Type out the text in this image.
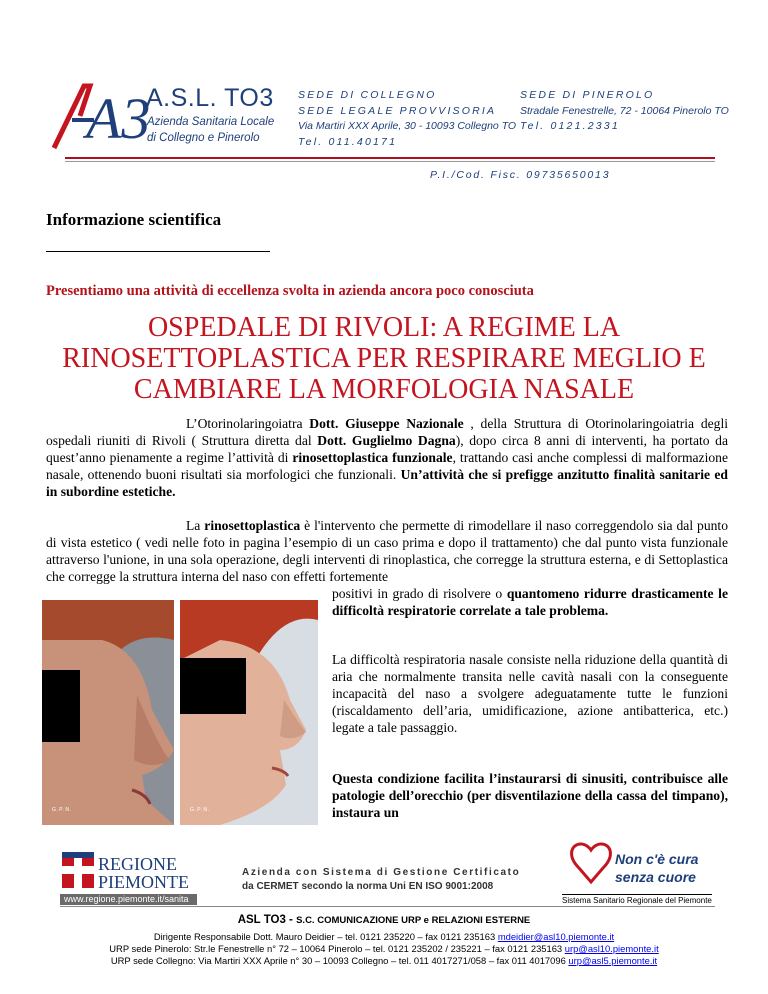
A3
A.S.L. TO3
Azienda Sanitaria Locale
di Collegno e Pinerolo
SEDE DI COLLEGNO
SEDE LEGALE PROVVISORIA
Via Martiri XXX Aprile, 30 - 10093 Collegno TO
Tel. 011.40171
SEDE DI PINEROLO
Stradale Fenestrelle, 72 - 10064 Pinerolo TO
Tel. 0121.2331
P.I./Cod. Fisc. 09735650013
Informazione scientifica
Presentiamo una attività di eccellenza svolta in azienda ancora poco conosciuta
OSPEDALE DI RIVOLI: A REGIME LA RINOSETTOPLASTICA PER RESPIRARE MEGLIO E CAMBIARE LA MORFOLOGIA NASALE
L’Otorinolaringoiatra Dott. Giuseppe Nazionale , della Struttura di Otorinolaringoiatria degli ospedali riuniti di Rivoli ( Struttura diretta dal Dott. Guglielmo Dagna), dopo circa 8 anni di interventi, ha portato da quest’anno pienamente a regime l’attività di rinosettoplastica funzionale, trattando casi anche complessi di malformazione nasale, ottenendo buoni risultati sia morfologici che funzionali. Un’attività che si prefigge anzitutto finalità sanitarie ed in subordine estetiche.
La rinosettoplastica è l'intervento che permette di rimodellare il naso correggendolo sia dal punto di vista estetico ( vedi nelle foto in pagina l’esempio di un caso prima e dopo il trattamento) che dal punto vista funzionale attraverso l'unione, in una sola operazione, degli interventi di rinoplastica, che corregge la struttura esterna, e di Settoplastica che corregge la struttura interna del naso con effetti fortemente
positivi in grado di risolvere o quantomeno ridurre drasticamente le difficoltà respiratorie correlate a tale problema.
La difficoltà respiratoria nasale consiste nella riduzione della quantità di aria che normalmente transita nelle cavità nasali con la conseguente incapacità del naso a svolgere adeguatamente tutte le funzioni (riscaldamento dell’aria, umidificazione, azione antibatterica, etc.) legate a tale passaggio.
Questa condizione facilita l’instaurarsi di sinusiti, contribuisce alle patologie dell’orecchio (per disventilazione della cassa del timpano), instaura un
G.P.N.	G.P.N.
REGIONE
PIEMONTE
www.regione.piemonte.it/sanita
Azienda con Sistema di Gestione Certificato
da CERMET secondo la norma Uni EN ISO 9001:2008
Non c'è cura
senza cuore
Sistema Sanitario Regionale del Piemonte
ASL TO3 - S.C. COMUNICAZIONE URP e RELAZIONI ESTERNE
Dirigente Responsabile Dott. Mauro Deidier – tel. 0121 235220 – fax 0121 235163 mdeidier@asl10.piemonte.it
URP sede Pinerolo: Str.le Fenestrelle n° 72 – 10064 Pinerolo – tel. 0121 235202 / 235221 – fax 0121 235163 urp@asl10.piemonte.it
URP sede Collegno: Via Martiri XXX Aprile n° 30 – 10093 Collegno – tel. 011 4017271/058 – fax 011 4017096 urp@asl5.piemonte.it
